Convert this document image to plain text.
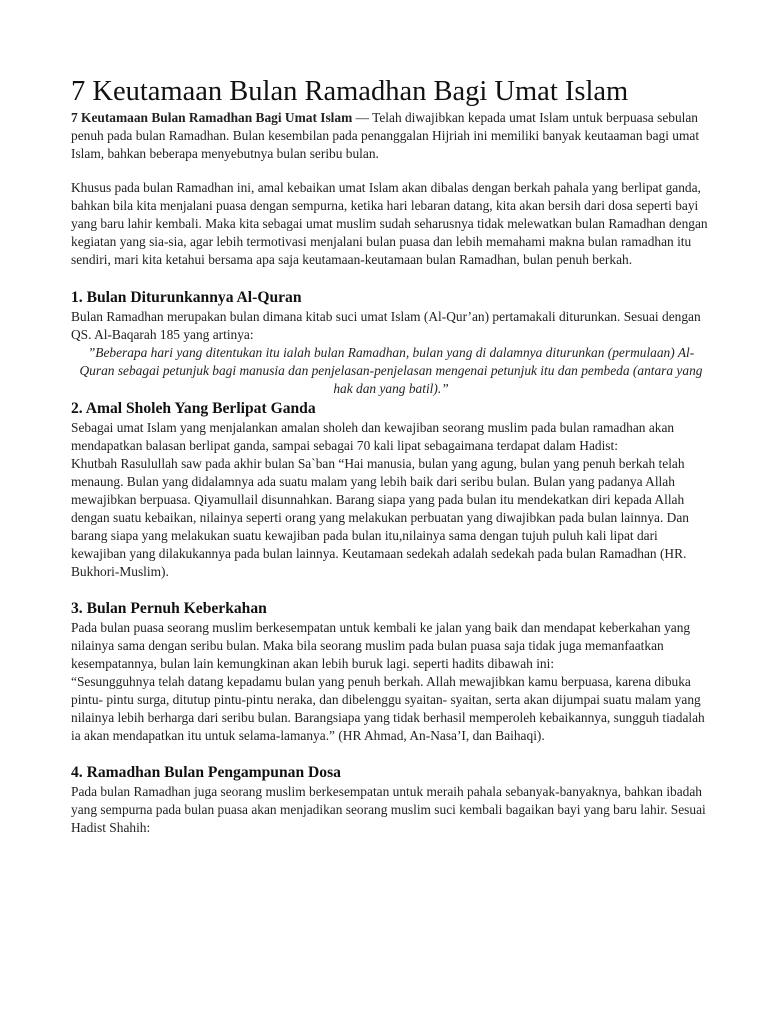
7 Keutamaan Bulan Ramadhan Bagi Umat Islam

7 Keutamaan Bulan Ramadhan Bagi Umat Islam — Telah diwajibkan kepada umat Islam untuk berpuasa sebulan penuh pada bulan Ramadhan. Bulan kesembilan pada penanggalan Hijriah ini memiliki banyak keutaaman bagi umat Islam, bahkan beberapa menyebutnya bulan seribu bulan.

Khusus pada bulan Ramadhan ini, amal kebaikan umat Islam akan dibalas dengan berkah pahala yang berlipat ganda, bahkan bila kita menjalani puasa dengan sempurna, ketika hari lebaran datang, kita akan bersih dari dosa seperti bayi yang baru lahir kembali. Maka kita sebagai umat muslim sudah seharusnya tidak melewatkan bulan Ramadhan dengan kegiatan yang sia-sia, agar lebih termotivasi menjalani bulan puasa dan lebih memahami makna bulan ramadhan itu sendiri, mari kita ketahui bersama apa saja keutamaan-keutamaan bulan Ramadhan, bulan penuh berkah.

1. Bulan Diturunkannya Al-Quran

Bulan Ramadhan merupakan bulan dimana kitab suci umat Islam (Al-Qur’an) pertamakali diturunkan. Sesuai dengan QS. Al-Baqarah 185 yang artinya:

”Beberapa hari yang ditentukan itu ialah bulan Ramadhan, bulan yang di dalamnya diturunkan (permulaan) Al-Quran sebagai petunjuk bagi manusia dan penjelasan-penjelasan mengenai petunjuk itu dan pembeda (antara yang hak dan yang batil).”

2. Amal Sholeh Yang Berlipat Ganda

Sebagai umat Islam yang menjalankan amalan sholeh dan kewajiban seorang muslim pada bulan ramadhan akan mendapatkan balasan berlipat ganda, sampai sebagai 70 kali lipat sebagaimana terdapat dalam Hadist:

Khutbah Rasulullah saw pada akhir bulan Sa`ban “Hai manusia, bulan yang agung, bulan yang penuh berkah telah menaung. Bulan yang didalamnya ada suatu malam yang lebih baik dari seribu bulan. Bulan yang padanya Allah mewajibkan berpuasa. Qiyamullail disunnahkan. Barang siapa yang pada bulan itu mendekatkan diri kepada Allah dengan suatu kebaikan, nilainya seperti orang yang melakukan perbuatan yang diwajibkan pada bulan lainnya. Dan barang siapa yang melakukan suatu kewajiban pada bulan itu,nilainya sama dengan tujuh puluh kali lipat dari kewajiban yang dilakukannya pada bulan lainnya. Keutamaan sedekah adalah sedekah pada bulan Ramadhan (HR. Bukhori-Muslim).

3. Bulan Pernuh Keberkahan

Pada bulan puasa seorang muslim berkesempatan untuk kembali ke jalan yang baik dan mendapat keberkahan yang nilainya sama dengan seribu bulan. Maka bila seorang muslim pada bulan puasa saja tidak juga memanfaatkan kesempatannya, bulan lain kemungkinan akan lebih buruk lagi. seperti hadits dibawah ini:

“Sesungguhnya telah datang kepadamu bulan yang penuh berkah. Allah mewajibkan kamu berpuasa, karena dibuka pintu- pintu surga, ditutup pintu-pintu neraka, dan dibelenggu syaitan- syaitan, serta akan dijumpai suatu malam yang nilainya lebih berharga dari seribu bulan. Barangsiapa yang tidak berhasil memperoleh kebaikannya, sungguh tiadalah ia akan mendapatkan itu untuk selama-lamanya.” (HR Ahmad, An-Nasa’I, dan Baihaqi).

4. Ramadhan Bulan Pengampunan Dosa

Pada bulan Ramadhan juga seorang muslim berkesempatan untuk meraih pahala sebanyak-banyaknya, bahkan ibadah yang sempurna pada bulan puasa akan menjadikan seorang muslim suci kembali bagaikan bayi yang baru lahir. Sesuai Hadist Shahih:
